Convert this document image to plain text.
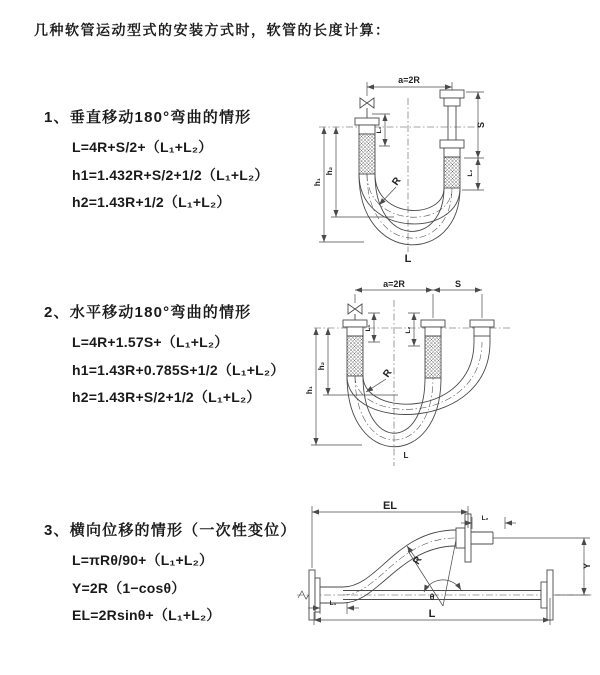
几种软管运动型式的安装方式时，软管的长度计算：
1、垂直移动180°弯曲的情形
L=4R+S/2+（L₁+L₂）
h1=1.432R+S/2+1/2（L₁+L₂）
h2=1.43R+1/2（L₁+L₂）
2、水平移动180°弯曲的情形
L=4R+1.57S+（L₁+L₂）
h1=1.43R+0.785S+1/2（L₁+L₂）
h2=1.43R+S/2+1/2（L₁+L₂）
3、横向位移的情形（一次性变位）
L=πRθ/90+（L₁+L₂）
Y=2R（1−cosθ）
EL=2Rsinθ+（L₁+L₂）
a=2R
h₁
h₂
L₁
S
L₂
R
L
a=2R	S
h₁
h₂
L₁	L₂
R
L
EL
L₂
L₁
Y
R
θ
L
